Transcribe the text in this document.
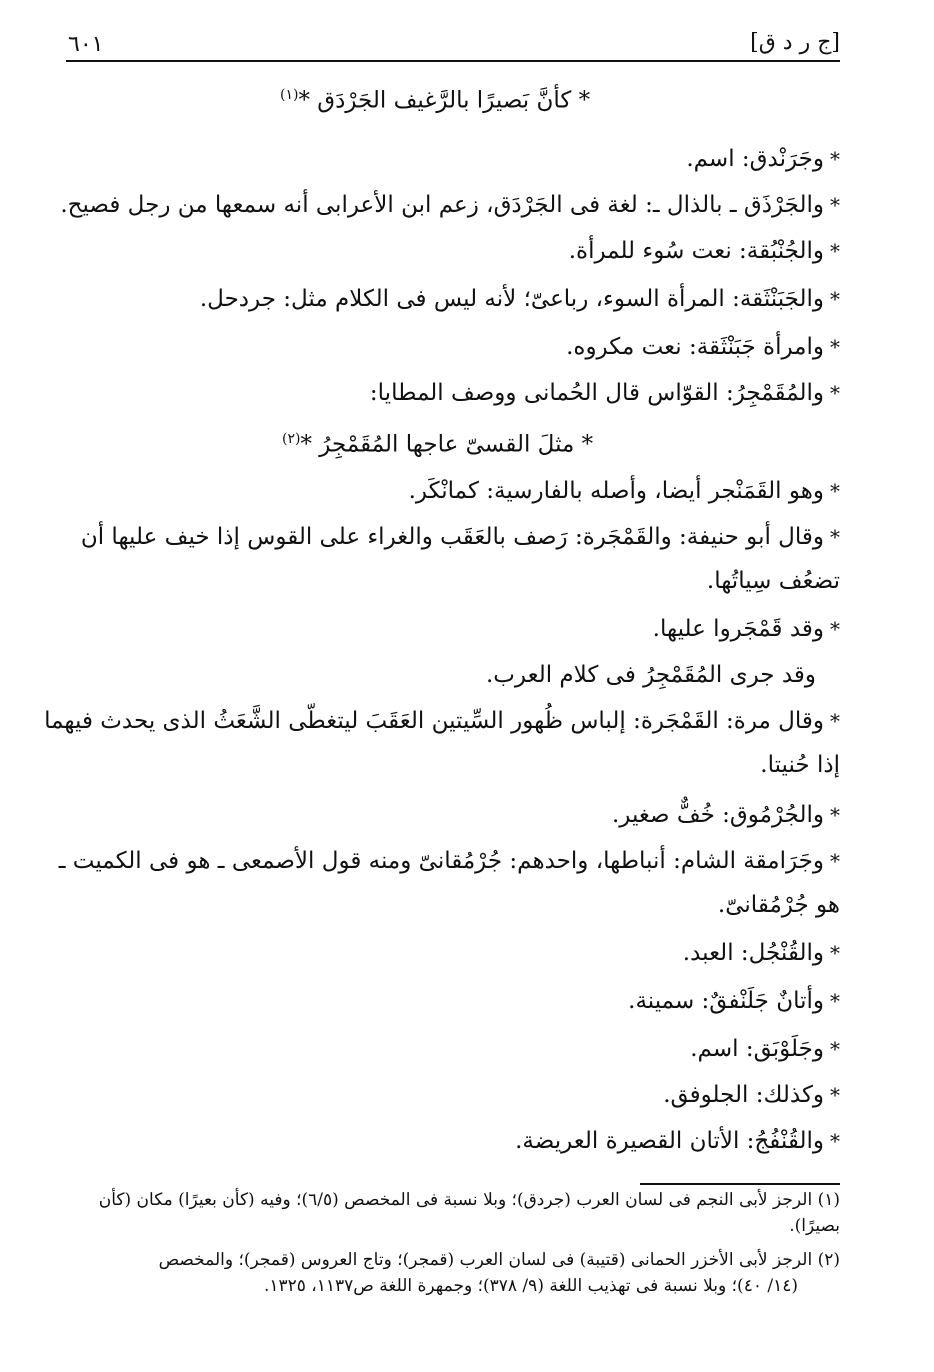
[ج ر د ق]
٦٠١
* كأنَّ بَصيرًا بالرَّغيف الجَرْدَق *$^{(١)}$
*وجَرَنْدق: اسم.
*والجَرْذَق ـ بالذال ـ: لغة فى الجَرْدَق، زعم ابن الأعرابى أنه سمعها من رجل فصيح.
*والجُنْبُقة: نعت سُوء للمرأة.
*والجَبَنْثَقة: المرأة السوء، رباعىّ؛ لأنه ليس فى الكلام مثل: جردحل.
*وامرأة جَبَنْثَقة: نعت مكروه.
*والمُقَمْجِرُ: القوّاس قال الحُمانى ووصف المطايا:
* مثلَ القسىّ عاجها المُقَمْجِرُ *$^{(٢)}$
*وهو القَمَنْجر أيضا، وأصله بالفارسية: كمانْكَر.
*وقال أبو حنيفة: والقَمْجَرة: رَصف بالعَقَب والغراء على القوس إذا خيف عليها أن
تضعُف سِياتُها.
*وقد قَمْجَروا عليها.
وقد جرى المُقَمْجِرُ فى كلام العرب.
*وقال مرة: القَمْجَرة: إلباس ظُهور السِّيتين العَقَبَ ليتغطّى الشَّعَثُ الذى يحدث فيهما
إذا حُنيتا.
*والجُرْمُوق: خُفٌّ صغير.
*وجَرَامقة الشام: أنباطها، واحدهم: جُرْمُقانىّ ومنه قول الأصمعى ـ هو فى الكميت ـ
هو جُرْمُقانىّ.
*والقُنْجُل: العبد.
*وأتانٌ جَلَنْفقٌ: سمينة.
*وجَلَوْبَق: اسم.
*وكذلك: الجلوفق.
*والقُنْفُجُ: الأتان القصيرة العريضة.
(١) الرجز لأبى النجم فى لسان العرب (جردق)؛ وبلا نسبة فى المخصص (٦/٥)؛ وفيه (كأن بعيرًا) مكان (كأن
بصيرًا).
(٢) الرجز لأبى الأخزر الحمانى (قتيبة) فى لسان العرب (قمجر)؛ وتاج العروس (قمجر)؛ والمخصص
(١٤/ ٤٠)؛ وبلا نسبة فى تهذيب اللغة (٩/ ٣٧٨)؛ وجمهرة اللغة ص١١٣٧، ١٣٢٥.
